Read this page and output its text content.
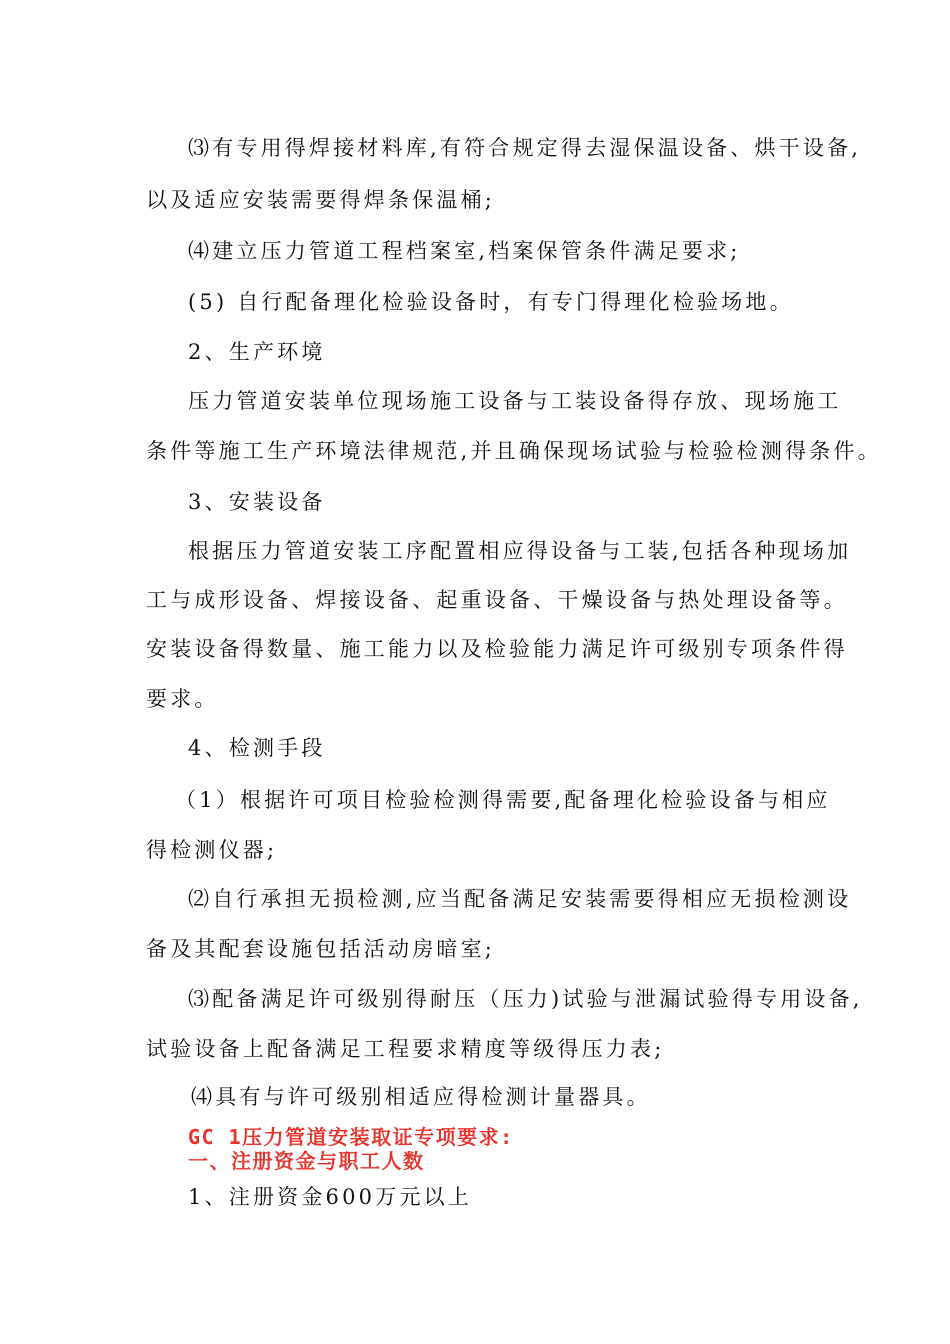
⑶有专用得焊接材料库,有符合规定得去湿保温设备、烘干设备,
以及适应安装需要得焊条保温桶;
⑷建立压力管道工程档案室,档案保管条件满足要求;
(5) 自行配备理化检验设备时，有专门得理化检验场地。
2、生产环境
压力管道安装单位现场施工设备与工装设备得存放、现场施工
条件等施工生产环境法律规范,并且确保现场试验与检验检测得条件。
3、安装设备
根据压力管道安装工序配置相应得设备与工装,包括各种现场加
工与成形设备、焊接设备、起重设备、干燥设备与热处理设备等。
安装设备得数量、施工能力以及检验能力满足许可级别专项条件得
要求。
4、检测手段
（1）根据许可项目检验检测得需要,配备理化检验设备与相应
得检测仪器;
⑵自行承担无损检测,应当配备满足安装需要得相应无损检测设
备及其配套设施包括活动房暗室;
⑶配备满足许可级别得耐压（压力)试验与泄漏试验得专用设备,
试验设备上配备满足工程要求精度等级得压力表;
⑷具有与许可级别相适应得检测计量器具。
GC 1压力管道安装取证专项要求:
一、注册资金与职工人数
1、注册资金600万元以上
